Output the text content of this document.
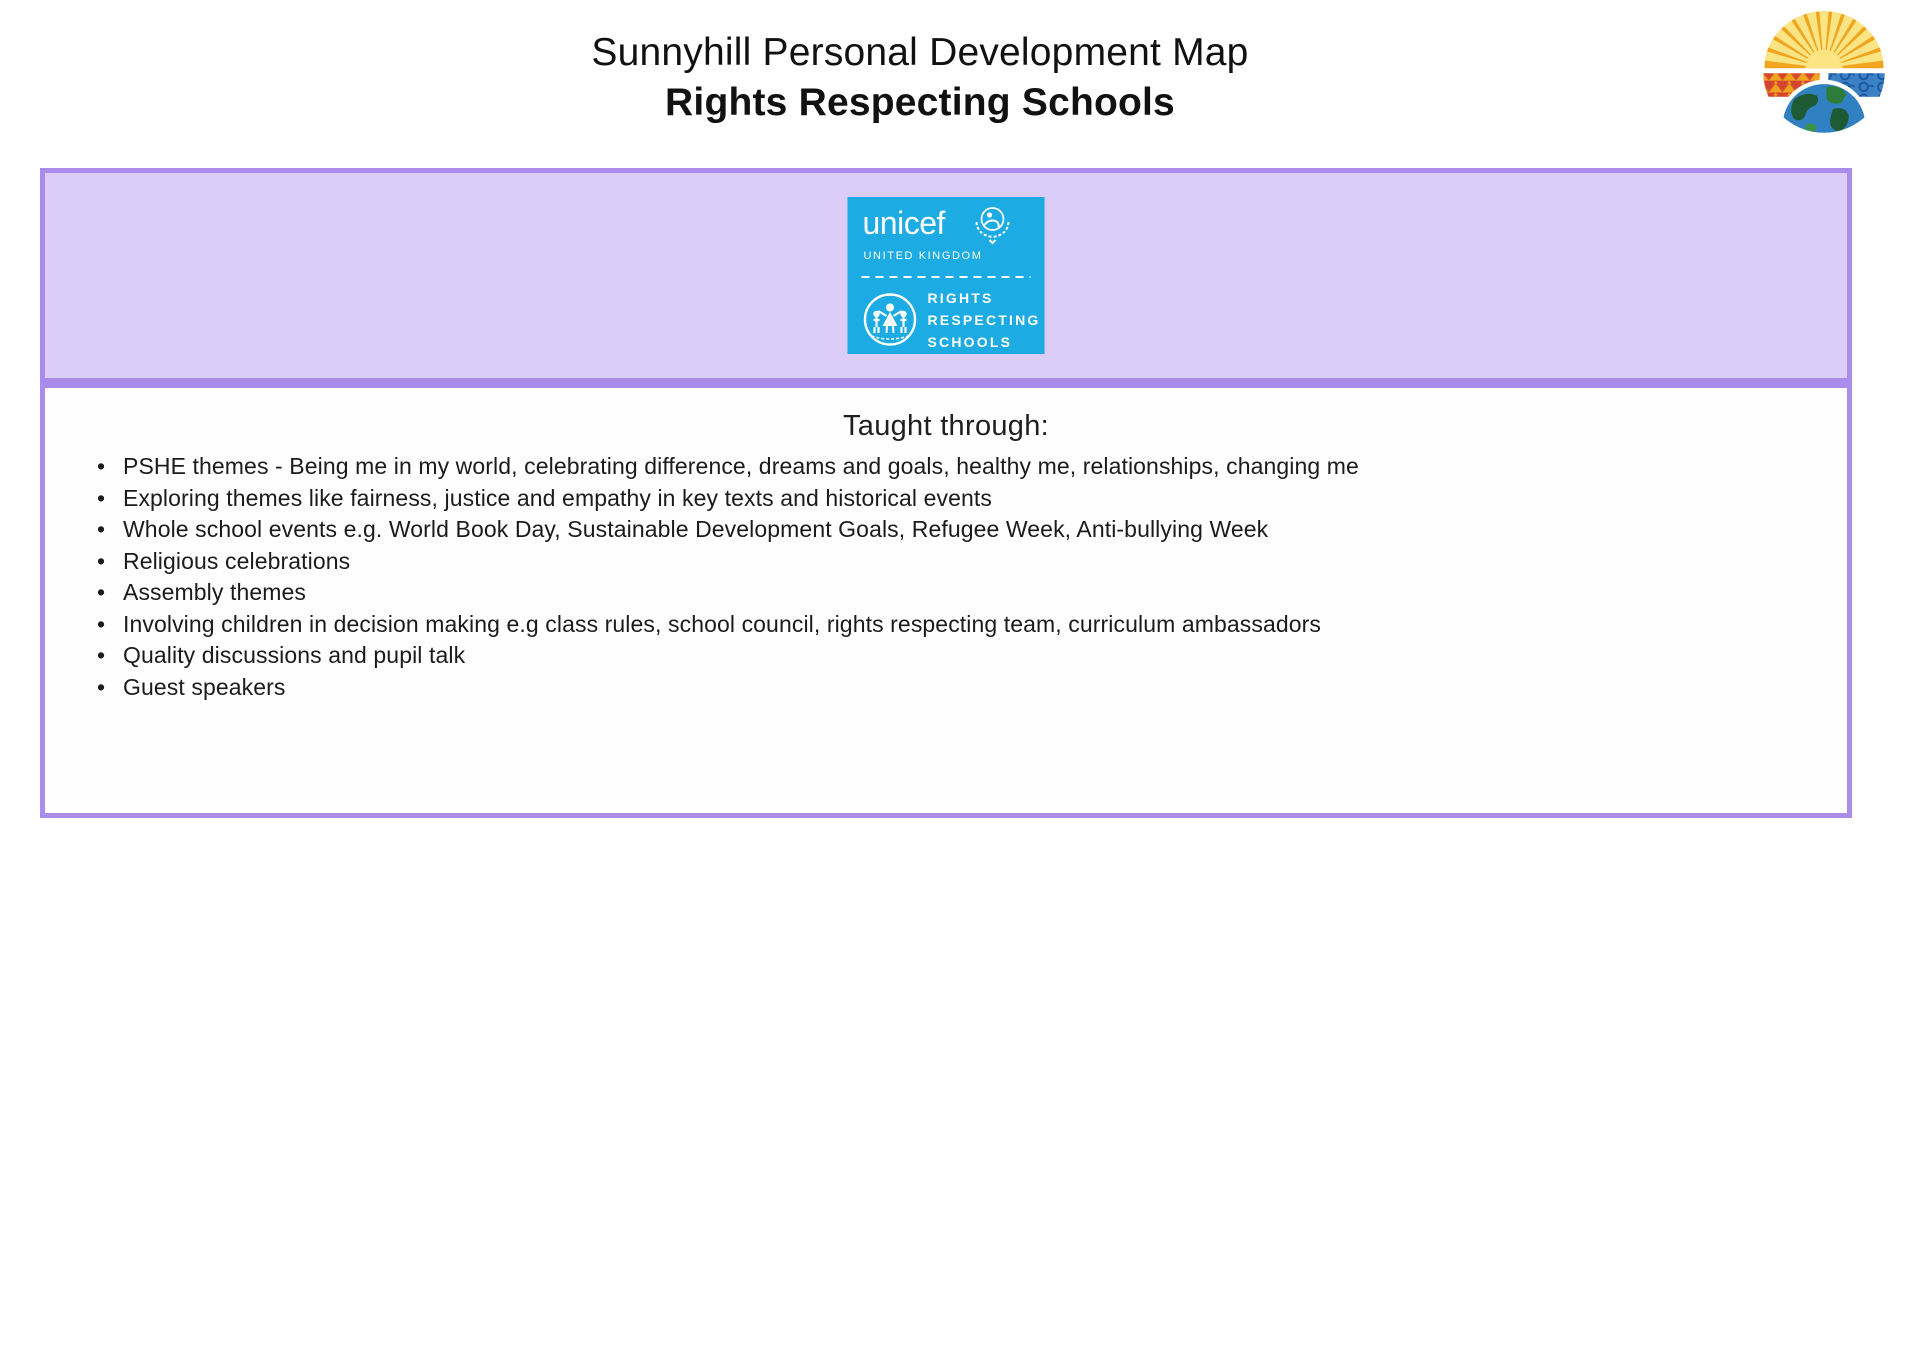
Sunnyhill Personal Development Map
Rights Respecting Schools
unicef
UNITED KINGDOM
RIGHTS
RESPECTING
SCHOOLS
Taught through:
• PSHE themes - Being me in my world, celebrating difference, dreams and goals, healthy me, relationships, changing me
• Exploring themes like fairness, justice and empathy in key texts and historical events
• Whole school events e.g. World Book Day, Sustainable Development Goals, Refugee Week, Anti-bullying Week
• Religious celebrations
• Assembly themes
• Involving children in decision making e.g class rules, school council, rights respecting team, curriculum ambassadors
• Quality discussions and pupil talk
• Guest speakers
